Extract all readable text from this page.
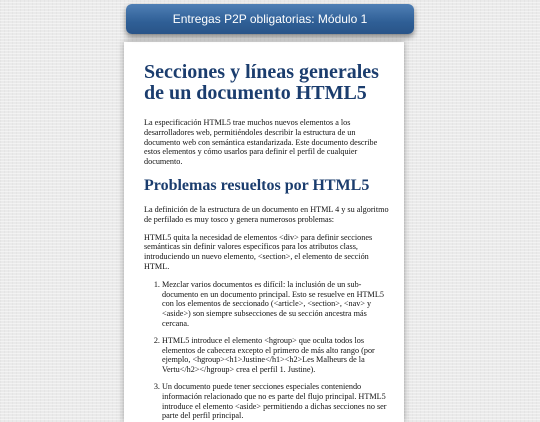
Entregas P2P obligatorias: Módulo 1
Secciones y líneas generales de un documento HTML5

La especificación HTML5 trae muchos nuevos elementos a los desarrolladores web, permitiéndoles describir la estructura de un documento web con semántica estandarizada. Este documento describe estos elementos y cómo usarlos para definir el perfil de cualquier documento.

Problemas resueltos por HTML5

La definición de la estructura de un documento en HTML 4 y su algoritmo de perfilado es muy tosco y genera numerosos problemas:

HTML5 quita la necesidad de elementos <div> para definir secciones semánticas sin definir valores específicos para los atributos class, introduciendo un nuevo elemento, <section>, el elemento de sección HTML.

1. Mezclar varios documentos es difícil: la inclusión de un sub-documento en un documento principal. Esto se resuelve en HTML5 con los elementos de seccionado (<article>, <section>, <nav> y <aside>) son siempre subsecciones de su sección ancestra más cercana.
2. HTML5 introduce el elemento <hgroup> que oculta todos los elementos de cabecera excepto el primero de más alto rango (por ejemplo, <hgroup><h1>Justine</h1><h2>Les Malheurs de la Vertu</h2></hgroup> crea el perfil 1. Justine).
3. Un documento puede tener secciones especiales conteniendo información relacionado que no es parte del flujo principal. HTML5 introduce el elemento <aside> permitiendo a dichas secciones no ser parte del perfil principal.
